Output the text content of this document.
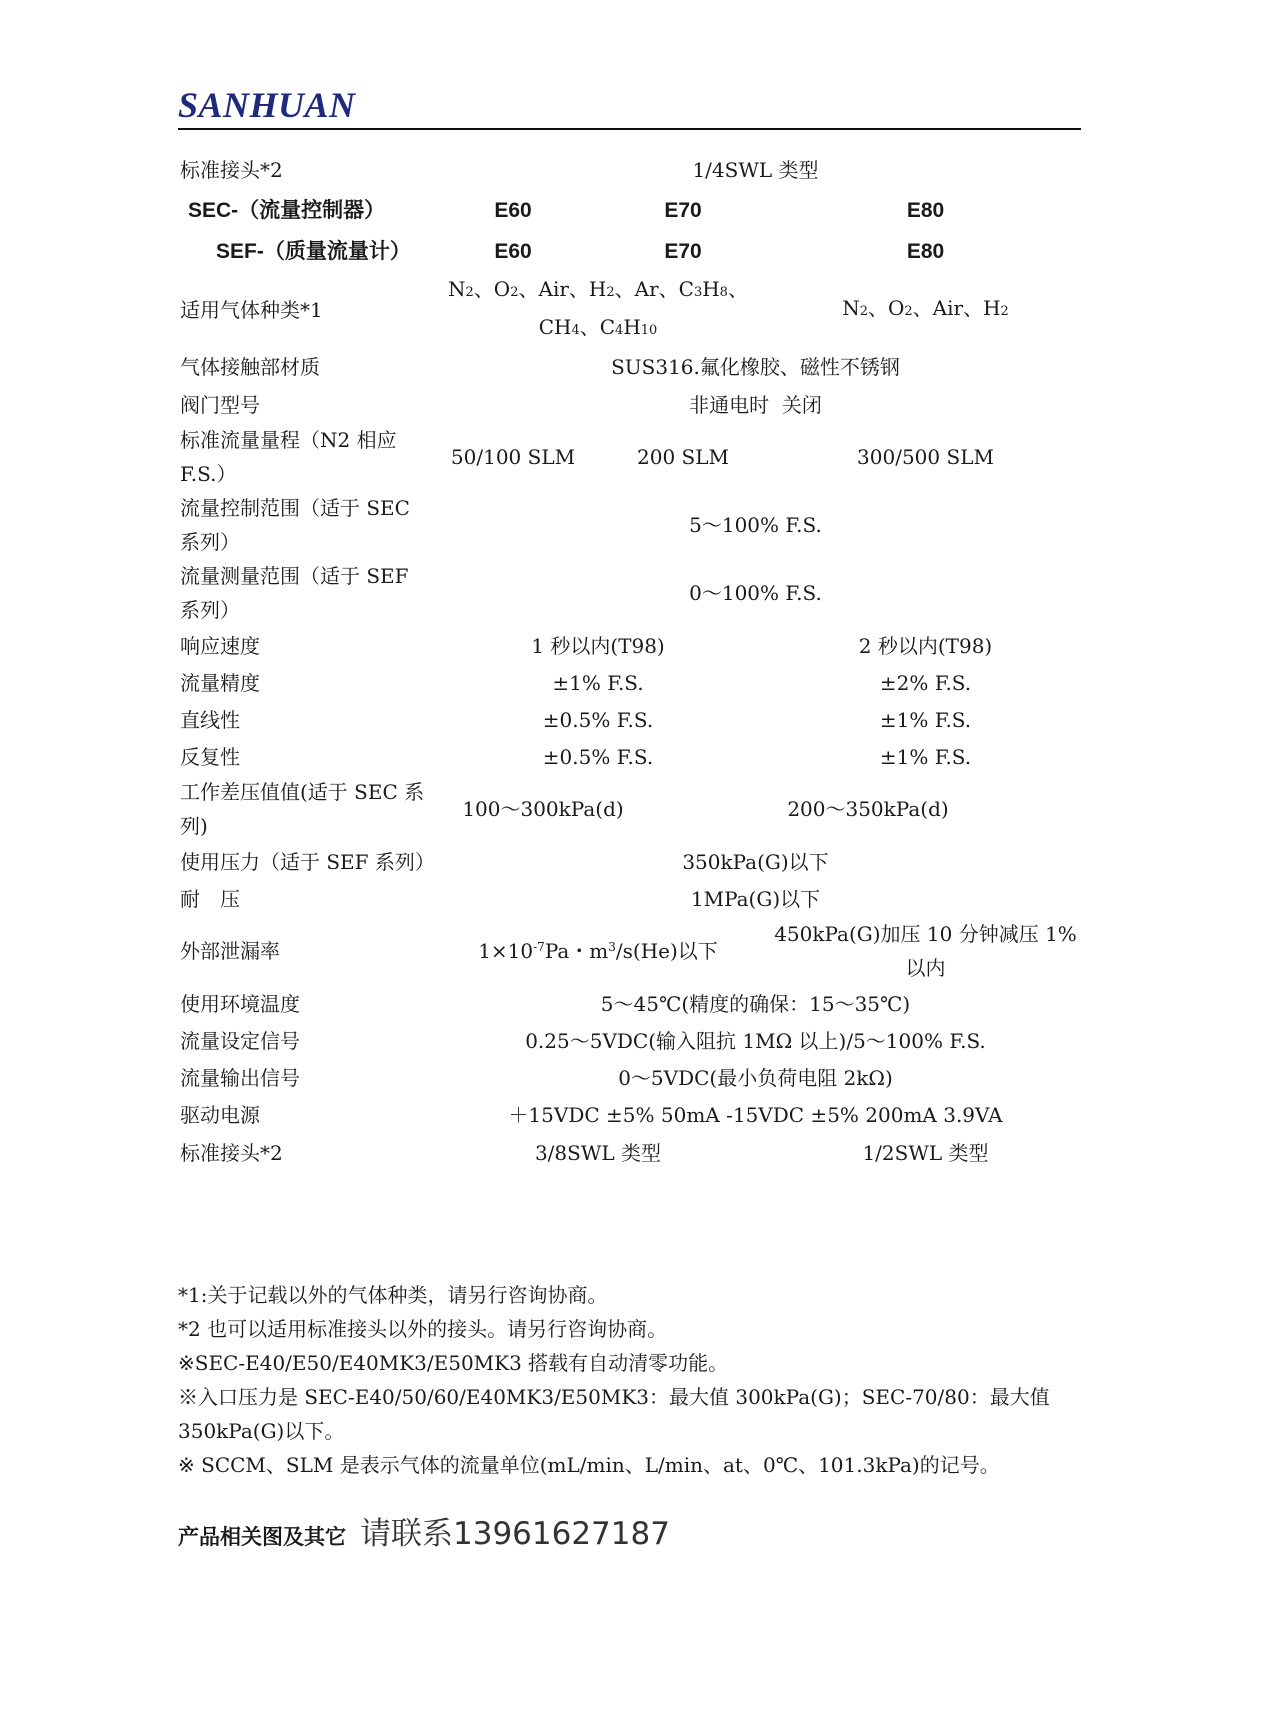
SANHUAN
标准接头*2	1/4SWL 类型		
SEC-（流量控制器）	E60	E70	E80
SEF-（质量流量计）	E60	E70	E80
适用气体种类*1	N2、O2、Air、H2、Ar、C3H8、CH4、C4H10		N2、O2、Air、H2
气体接触部材质	SUS316.氟化橡胶、磁性不锈钢		
阀门型号	非通电时  关闭		
标准流量量程（N2 相应F.S.）	50/100 SLM	200 SLM	300/500 SLM
流量控制范围（适于 SEC 系列）	5～100% F.S.		
流量测量范围（适于 SEF 系列）	0～100% F.S.		
响应速度	1 秒以内(T98)		2 秒以内(T98)
流量精度	±1% F.S.		±2% F.S.
直线性	±0.5% F.S.		±1% F.S.
反复性	±0.5% F.S.		±1% F.S.
工作差压值值(适于 SEC 系列)	100～300kPa(d)		200～350kPa(d)
使用压力（适于 SEF 系列）	350kPa(G)以下		
耐　压	1MPa(G)以下		
外部泄漏率	$1\times 10^{-7}Pa$・$m^3/s(He)$以下		450kPa(G)加压 10 分钟减压 1%以内
使用环境温度	5～45℃(精度的确保：15～35℃)		
流量设定信号	0.25～5VDC(输入阻抗 1MΩ 以上)/5～100% F.S.		
流量输出信号	0～5VDC(最小负荷电阻 2kΩ)		
驱动电源	＋15VDC ±5% 50mA -15VDC ±5% 200mA 3.9VA		
标准接头*2	3/8SWL 类型		1/2SWL 类型

*1:关于记载以外的气体种类，请另行咨询协商。

*2 也可以适用标准接头以外的接头。请另行咨询协商。

※SEC-E40/E50/E40MK3/E50MK3 搭载有自动清零功能。

※入口压力是 SEC-E40/50/60/E40MK3/E50MK3：最大值 300kPa(G)；SEC-70/80：最大值 350kPa(G)以下。

※ SCCM、SLM 是表示气体的流量单位(mL/min、L/min、at、0℃、101.3kPa)的记号。

产品相关图及其它 请联系13961627187
